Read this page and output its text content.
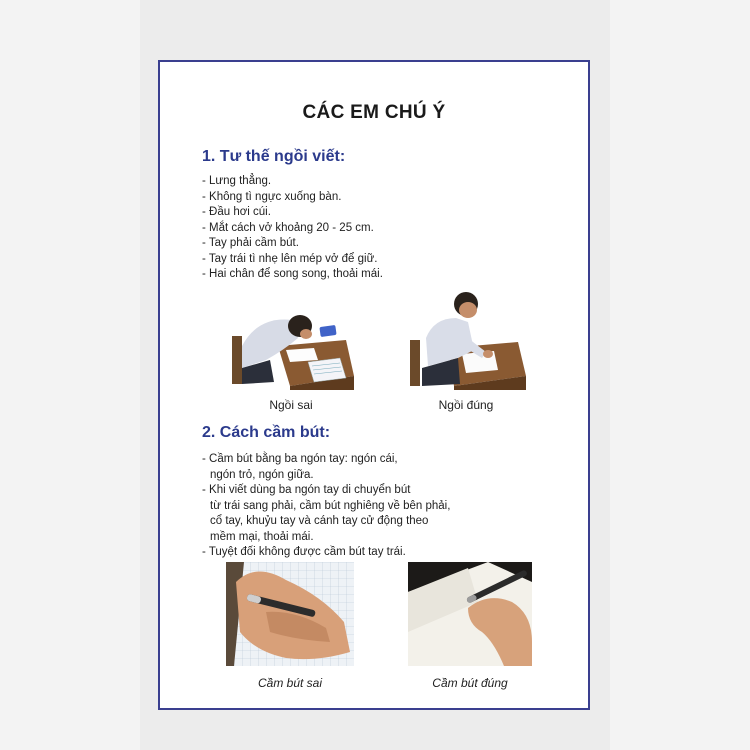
CÁC EM CHÚ Ý
1. Tư thế ngồi viết:
- Lưng thẳng.
- Không tì ngực xuống bàn.
- Đầu hơi cúi.
- Mắt cách vở khoảng 20 - 25 cm.
- Tay phải cầm bút.
- Tay trái tì nhẹ lên mép vở để giữ.
- Hai chân để song song, thoải mái.
Ngồi sai	Ngồi đúng
2. Cách cầm bút:
- Cầm bút bằng ba ngón tay: ngón cái,
ngón trỏ, ngón giữa.
- Khi viết dùng ba ngón tay di chuyển bút
từ trái sang phải, cầm bút nghiêng về bên phải,
cổ tay, khuỷu tay và cánh tay cử động theo
mềm mại, thoải mái.
- Tuyệt đối không được cầm bút tay trái.
Cầm bút sai	Cầm bút đúng
